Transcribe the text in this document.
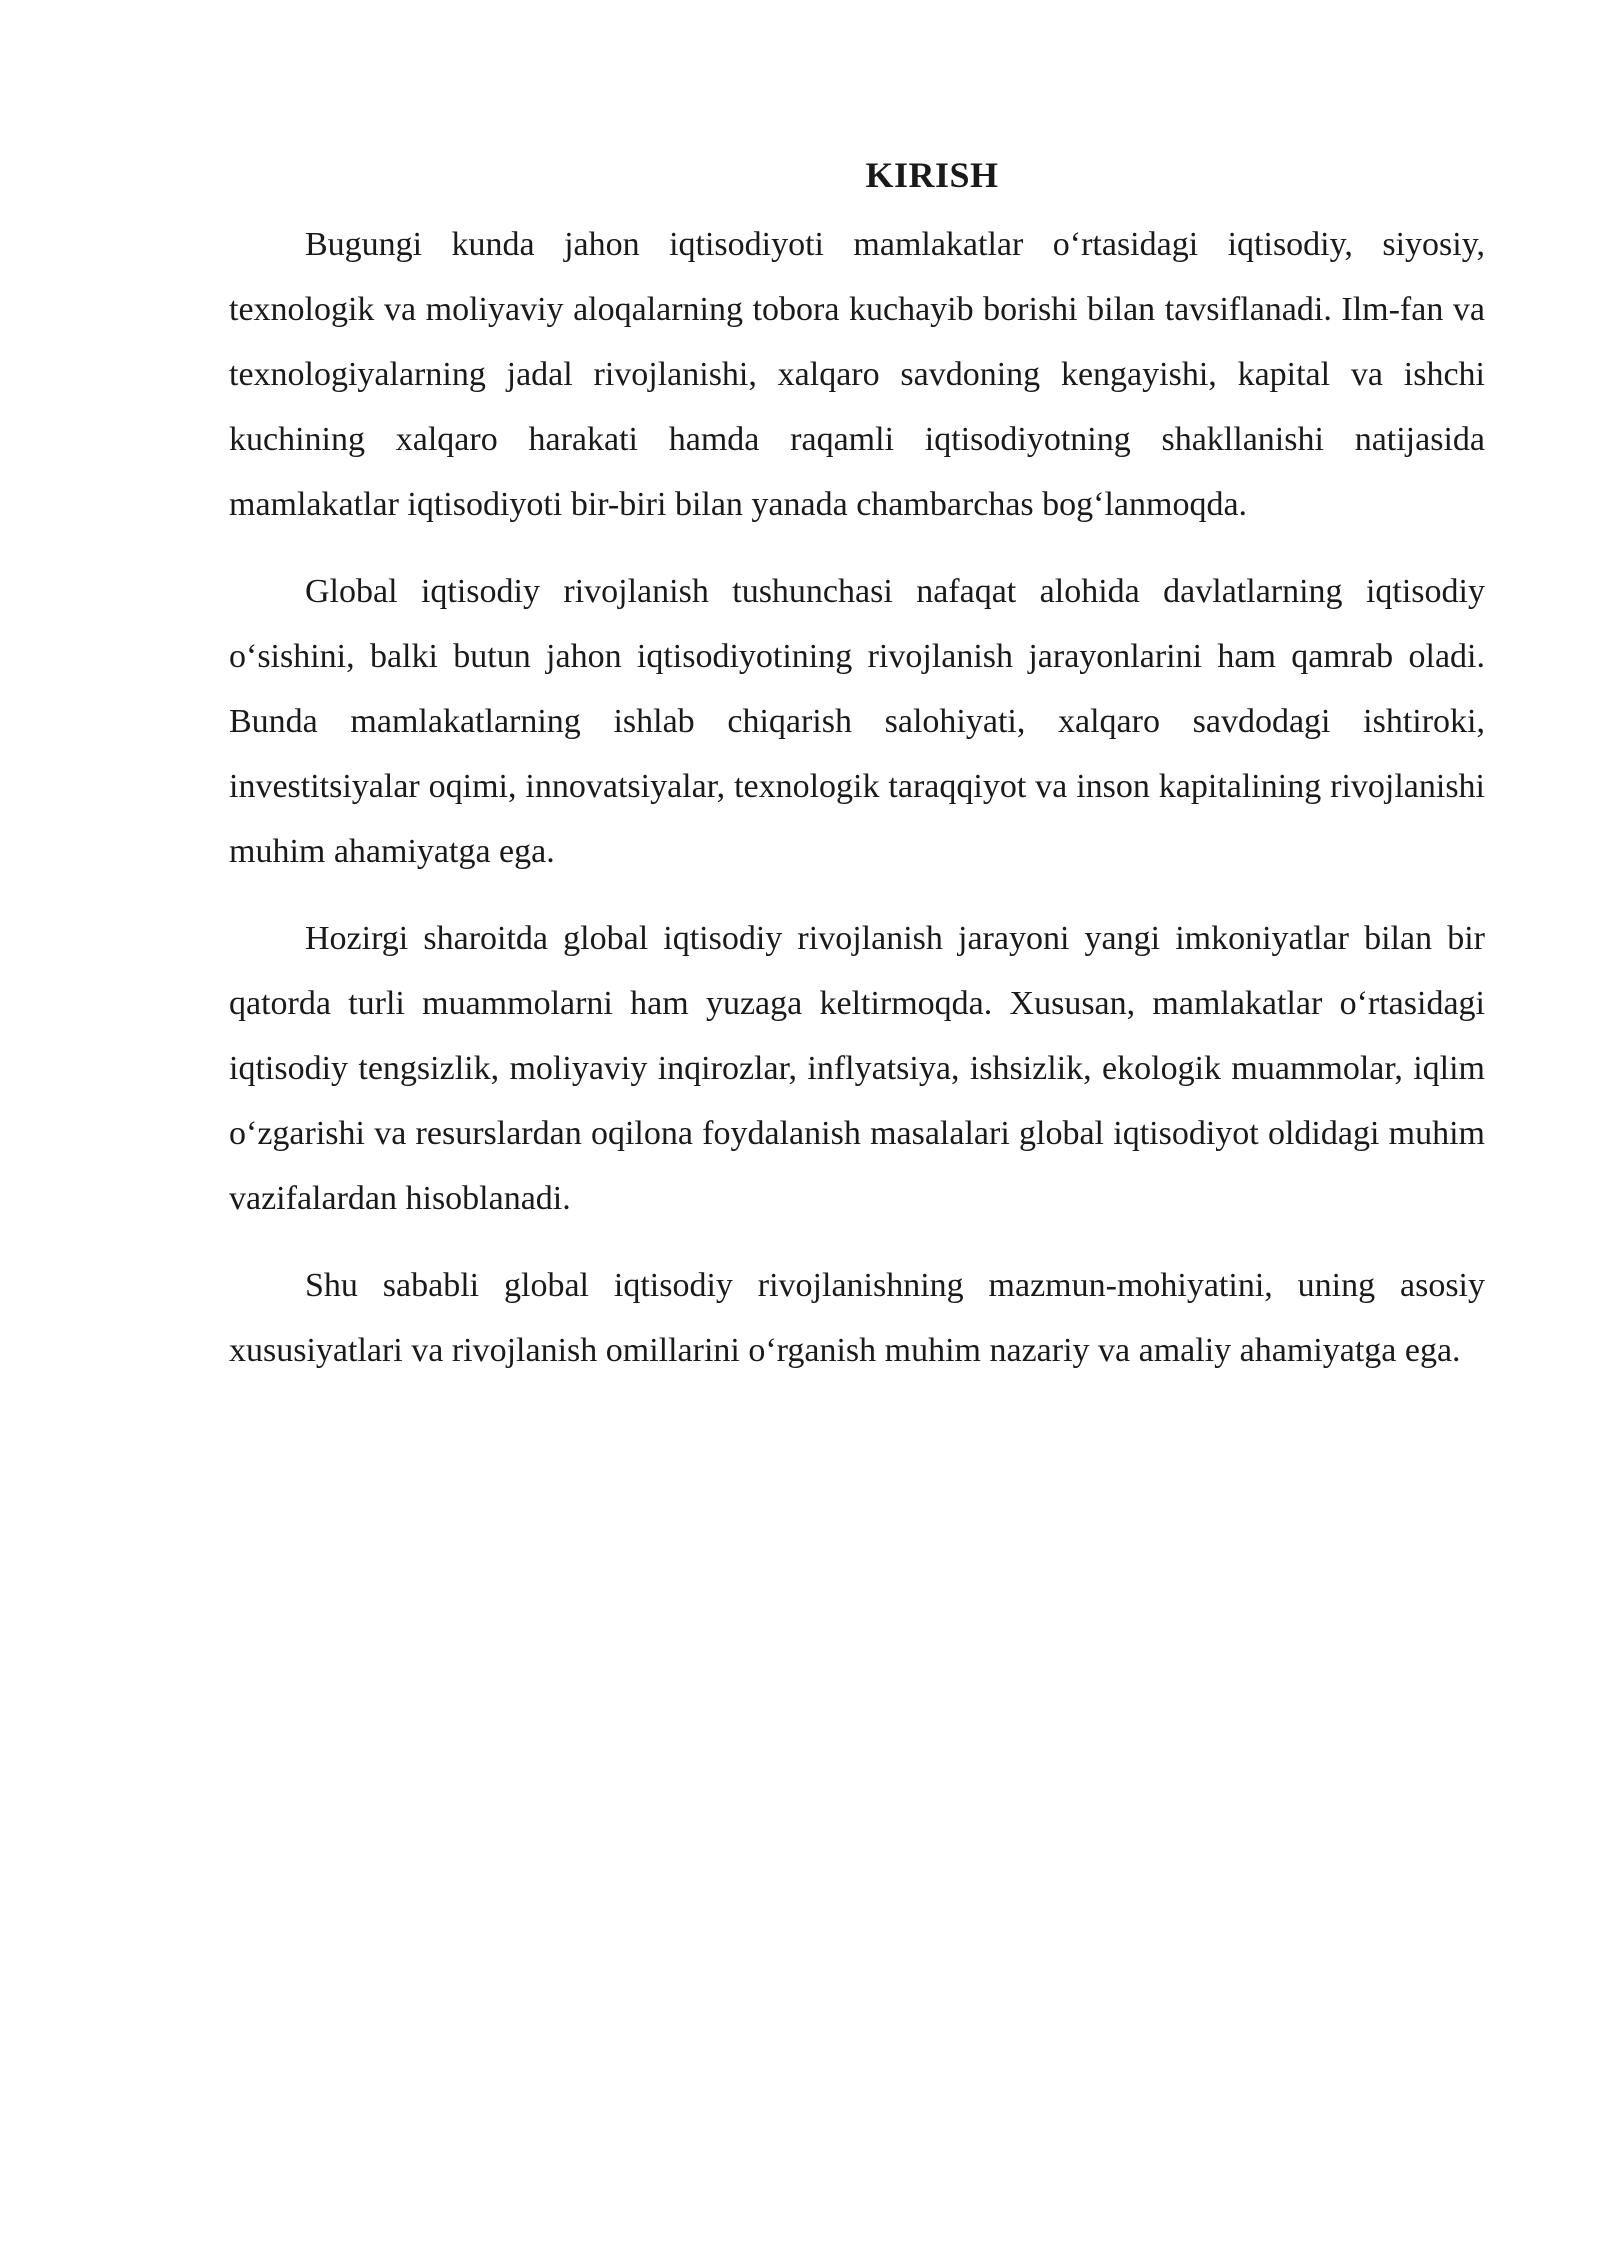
KIRISH

Bugungi kunda jahon iqtisodiyoti mamlakatlar o‘rtasidagi iqtisodiy, siyosiy, texnologik va moliyaviy aloqalarning tobora kuchayib borishi bilan tavsiflanadi. Ilm-fan va texnologiyalarning jadal rivojlanishi, xalqaro savdoning kengayishi, kapital va ishchi kuchining xalqaro harakati hamda raqamli iqtisodiyotning shakllanishi natijasida mamlakatlar iqtisodiyoti bir-biri bilan yanada chambarchas bog‘lanmoqda.

Global iqtisodiy rivojlanish tushunchasi nafaqat alohida davlatlarning iqtisodiy o‘sishini, balki butun jahon iqtisodiyotining rivojlanish jarayonlarini ham qamrab oladi. Bunda mamlakatlarning ishlab chiqarish salohiyati, xalqaro savdodagi ishtiroki, investitsiyalar oqimi, innovatsiyalar, texnologik taraqqiyot va inson kapitalining rivojlanishi muhim ahamiyatga ega.

Hozirgi sharoitda global iqtisodiy rivojlanish jarayoni yangi imkoniyatlar bilan bir qatorda turli muammolarni ham yuzaga keltirmoqda. Xususan, mamlakatlar o‘rtasidagi iqtisodiy tengsizlik, moliyaviy inqirozlar, inflyatsiya, ishsizlik, ekologik muammolar, iqlim o‘zgarishi va resurslardan oqilona foydalanish masalalari global iqtisodiyot oldidagi muhim vazifalardan hisoblanadi.

Shu sababli global iqtisodiy rivojlanishning mazmun-mohiyatini, uning asosiy xususiyatlari va rivojlanish omillarini o‘rganish muhim nazariy va amaliy ahamiyatga ega.
